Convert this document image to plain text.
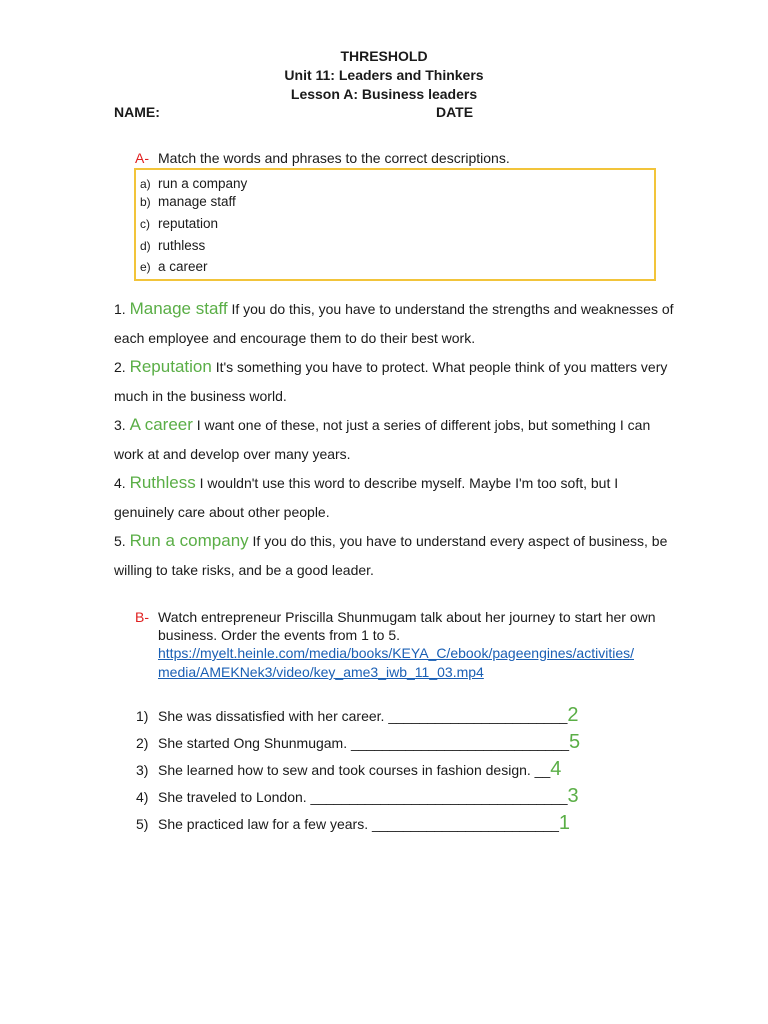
THRESHOLD
Unit 11: Leaders and Thinkers
Lesson A: Business leaders
NAME:	DATE
A- Match the words and phrases to the correct descriptions.
a) run a company
b) manage staff
c) reputation
d) ruthless
e) a career
1. Manage staff If you do this, you have to understand the strengths and weaknesses of each employee and encourage them to do their best work.
2. Reputation It's something you have to protect. What people think of you matters very much in the business world.
3. A career I want one of these, not just a series of different jobs, but something I can work at and develop over many years.
4. Ruthless I wouldn't use this word to describe myself. Maybe I'm too soft, but I genuinely care about other people.
5. Run a company If you do this, you have to understand every aspect of business, be willing to take risks, and be a good leader.
B- Watch entrepreneur Priscilla Shunmugam talk about her journey to start her own
business. Order the events from 1 to 5.
https://myelt.heinle.com/media/books/KEYA_C/ebook/pageengines/activities/
media/AMEKNek3/video/key_ame3_iwb_11_03.mp4
1) She was dissatisfied with her career. _______________________2
2) She started Ong Shunmugam. ____________________________5
3) She learned how to sew and took courses in fashion design. __4
4) She traveled to London. _________________________________3
5) She practiced law for a few years. ________________________1
